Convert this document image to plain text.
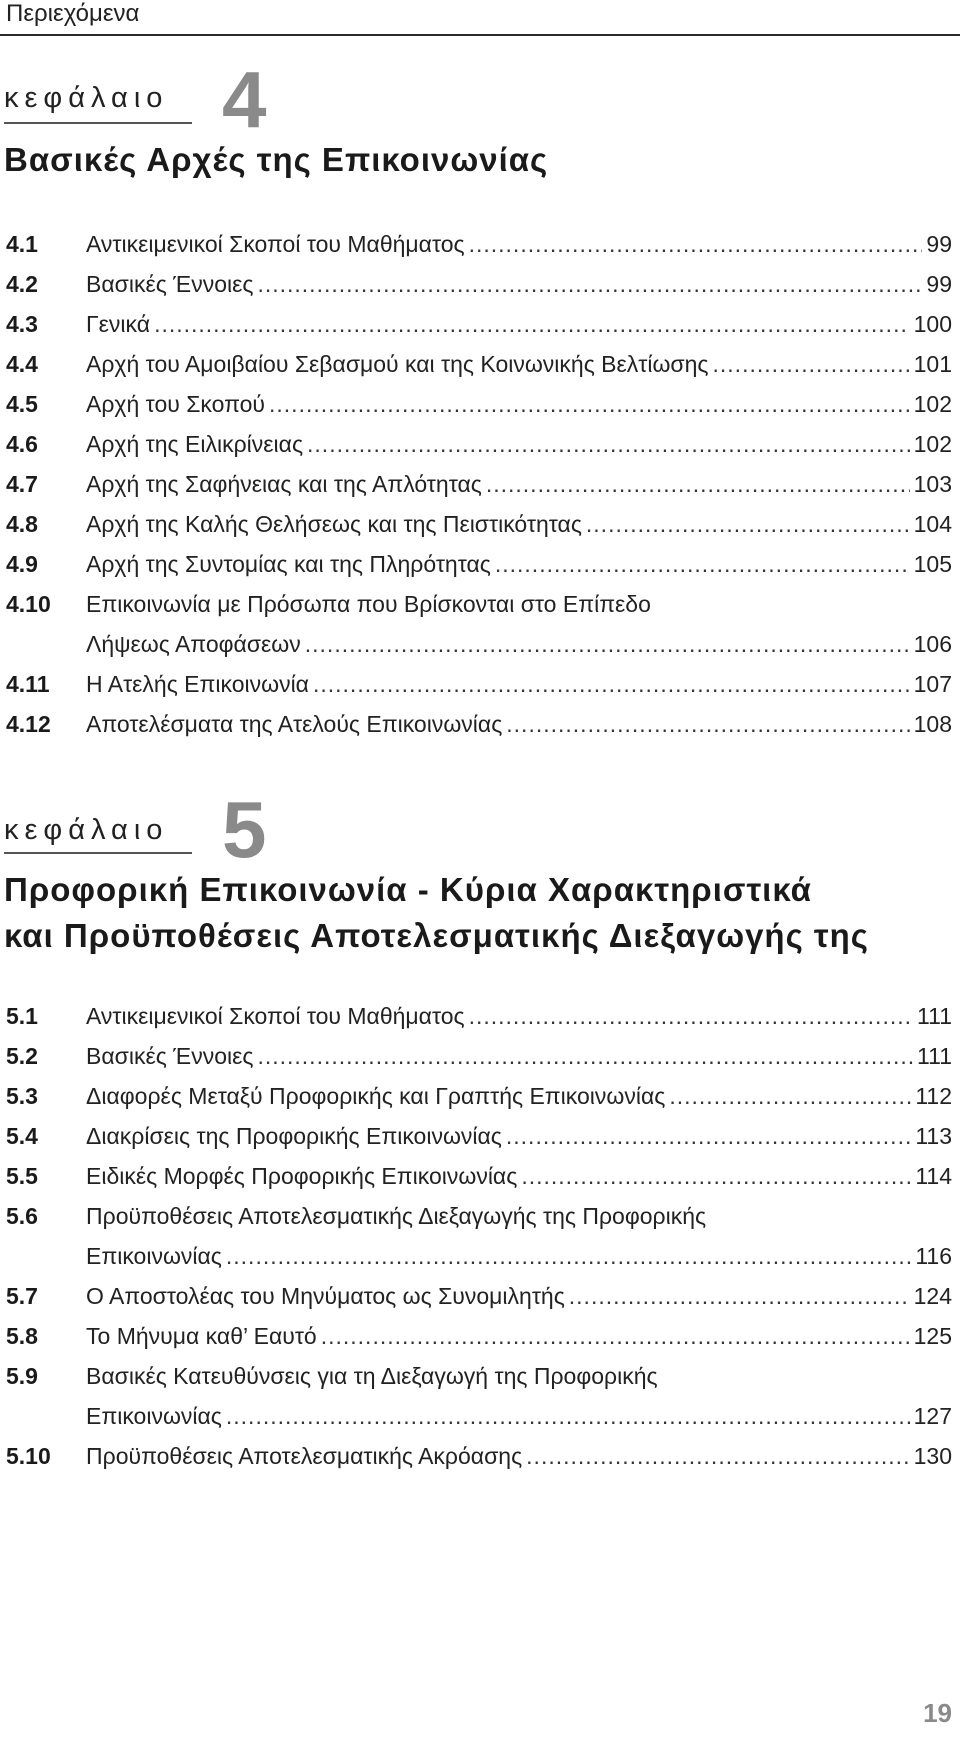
Περιεχόμενα
κεφάλαιο 4
Βασικές Αρχές της Επικοινωνίας
4.1 Αντικειμενικοί Σκοποί του Μαθήματος .....	99
4.2 Βασικές Έννοιες .....	99
4.3 Γενικά .....	100
4.4 Αρχή του Αμοιβαίου Σεβασμού και της Κοινωνικής Βελτίωσης .....	101
4.5 Αρχή του Σκοπού .....	102
4.6 Αρχή της Ειλικρίνειας .....	102
4.7 Αρχή της Σαφήνειας και της Απλότητας .....	103
4.8 Αρχή της Καλής Θελήσεως και της Πειστικότητας .....	104
4.9 Αρχή της Συντομίας και της Πληρότητας .....	105
4.10 Επικοινωνία με Πρόσωπα που Βρίσκονται στο Επίπεδο
Λήψεως Αποφάσεων .....	106
4.11 Η Ατελής Επικοινωνία .....	107
4.12 Αποτελέσματα της Ατελούς Επικοινωνίας .....	108
κεφάλαιο 5
Προφορική Επικοινωνία - Κύρια Χαρακτηριστικά
και Προϋποθέσεις Αποτελεσματικής Διεξαγωγής της
5.1 Αντικειμενικοί Σκοποί του Μαθήματος .....	111
5.2 Βασικές Έννοιες .....	111
5.3 Διαφορές Μεταξύ Προφορικής και Γραπτής Επικοινωνίας .....	112
5.4 Διακρίσεις της Προφορικής Επικοινωνίας .....	113
5.5 Ειδικές Μορφές Προφορικής Επικοινωνίας .....	114
5.6 Προϋποθέσεις Αποτελεσματικής Διεξαγωγής της Προφορικής
Επικοινωνίας .....	116
5.7 Ο Αποστολέας του Μηνύματος ως Συνομιλητής .....	124
5.8 Το Μήνυμα καθ’ Εαυτό .....	125
5.9 Βασικές Κατευθύνσεις για τη Διεξαγωγή της Προφορικής
Επικοινωνίας .....	127
5.10 Προϋποθέσεις Αποτελεσματικής Ακρόασης .....	130
19
